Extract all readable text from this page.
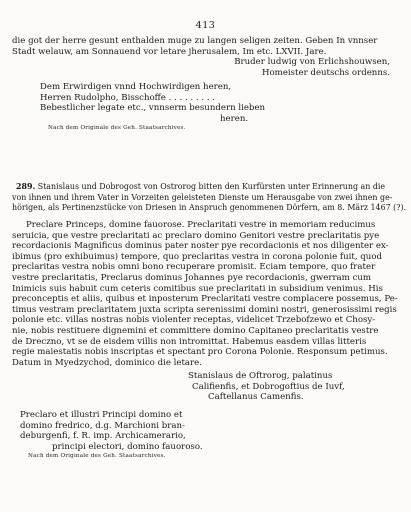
413
die got der herre gesunt enthalden muge zu langen seligen zeiten. Geben In vnnser
Stadt welauw, am Sonnauend vor letare jherusalem, Im etc. LXVII. Jare.
Bruder ludwig von Erlichshouwsen,
Homeister deutschs ordenns.
Dem Erwirdigen vnnd Hochwirdigen heren,
Herren Rudolpho, Bisschoffe . . . . . . . . .
Bebestlicher legate etc., vnnserm besundern lieben
heren.
Nach dem Originale des Geh. Staatsarchives.
289. Stanislaus und Dobrogost von Ostrorog bitten den Kurfürsten unter Erinnerung an die
von ihnen und ihrem Vater in Vorzeiten geleisteten Dienste um Herausgabe von zwei ihnen ge-
hörigen, als Pertinenzstücke von Driesen in Anspruch genommenen Dörfern, am 8. März 1467 (?).
Preclare Princeps, domine fauorose. Preclaritati vestre in memoriam reducimus
seruicia, que vestre preclaritati ac preclaro domino Genitori vestre preclaritatis pye
recordacionis Magnificus dominus pater noster pye recordacionis et nos diligenter ex-
ibimus (pro exhibuimus) tempore, quo preclaritas vestra in corona polonie fuit, quod
preclaritas vestra nobis omni bono recuperare promisit. Eciam tempore, quo frater
vestre preclaritatis, Preclarus dominus Johannes pye recordacionis, gwerram cum
Inimicis suis habuit cum ceteris comitibus sue preclaritati in subsidium venimus. His
preconceptis et aliis, quibus et inposterum Preclaritati vestre complacere possemus, Pe-
timus vestram preclaritatem juxta scripta serenissimi domini nostri, generosissimi regis
polonie etc. villas nostras nobis violenter receptas, videlicet Trzebofzewo et Chosy-
nie, nobis restituere dignemini et committere domino Capitaneo preclaritatis vestre
de Dreczno, vt se de eisdem villis non intromittat. Habemus easdem villas litteris
regie maiestatis nobis inscriptas et spectant pro Corona Polonie. Responsum petimus.
Datum in Myedzychod, dominico die letare.
Stanislaus de Oftrorog, palatinus
Califienfis, et Dobrogoftius de Iuvf,
Caftellanus Camenfis.
Preclaro et illustri Principi domino et
domino fredrico, d.g. Marchioni bran-
deburgenfi, f. R. imp. Archicamerario,
principi electori, domino fauoroso.
Nach dem Originale des Geh. Staatsarchives.
